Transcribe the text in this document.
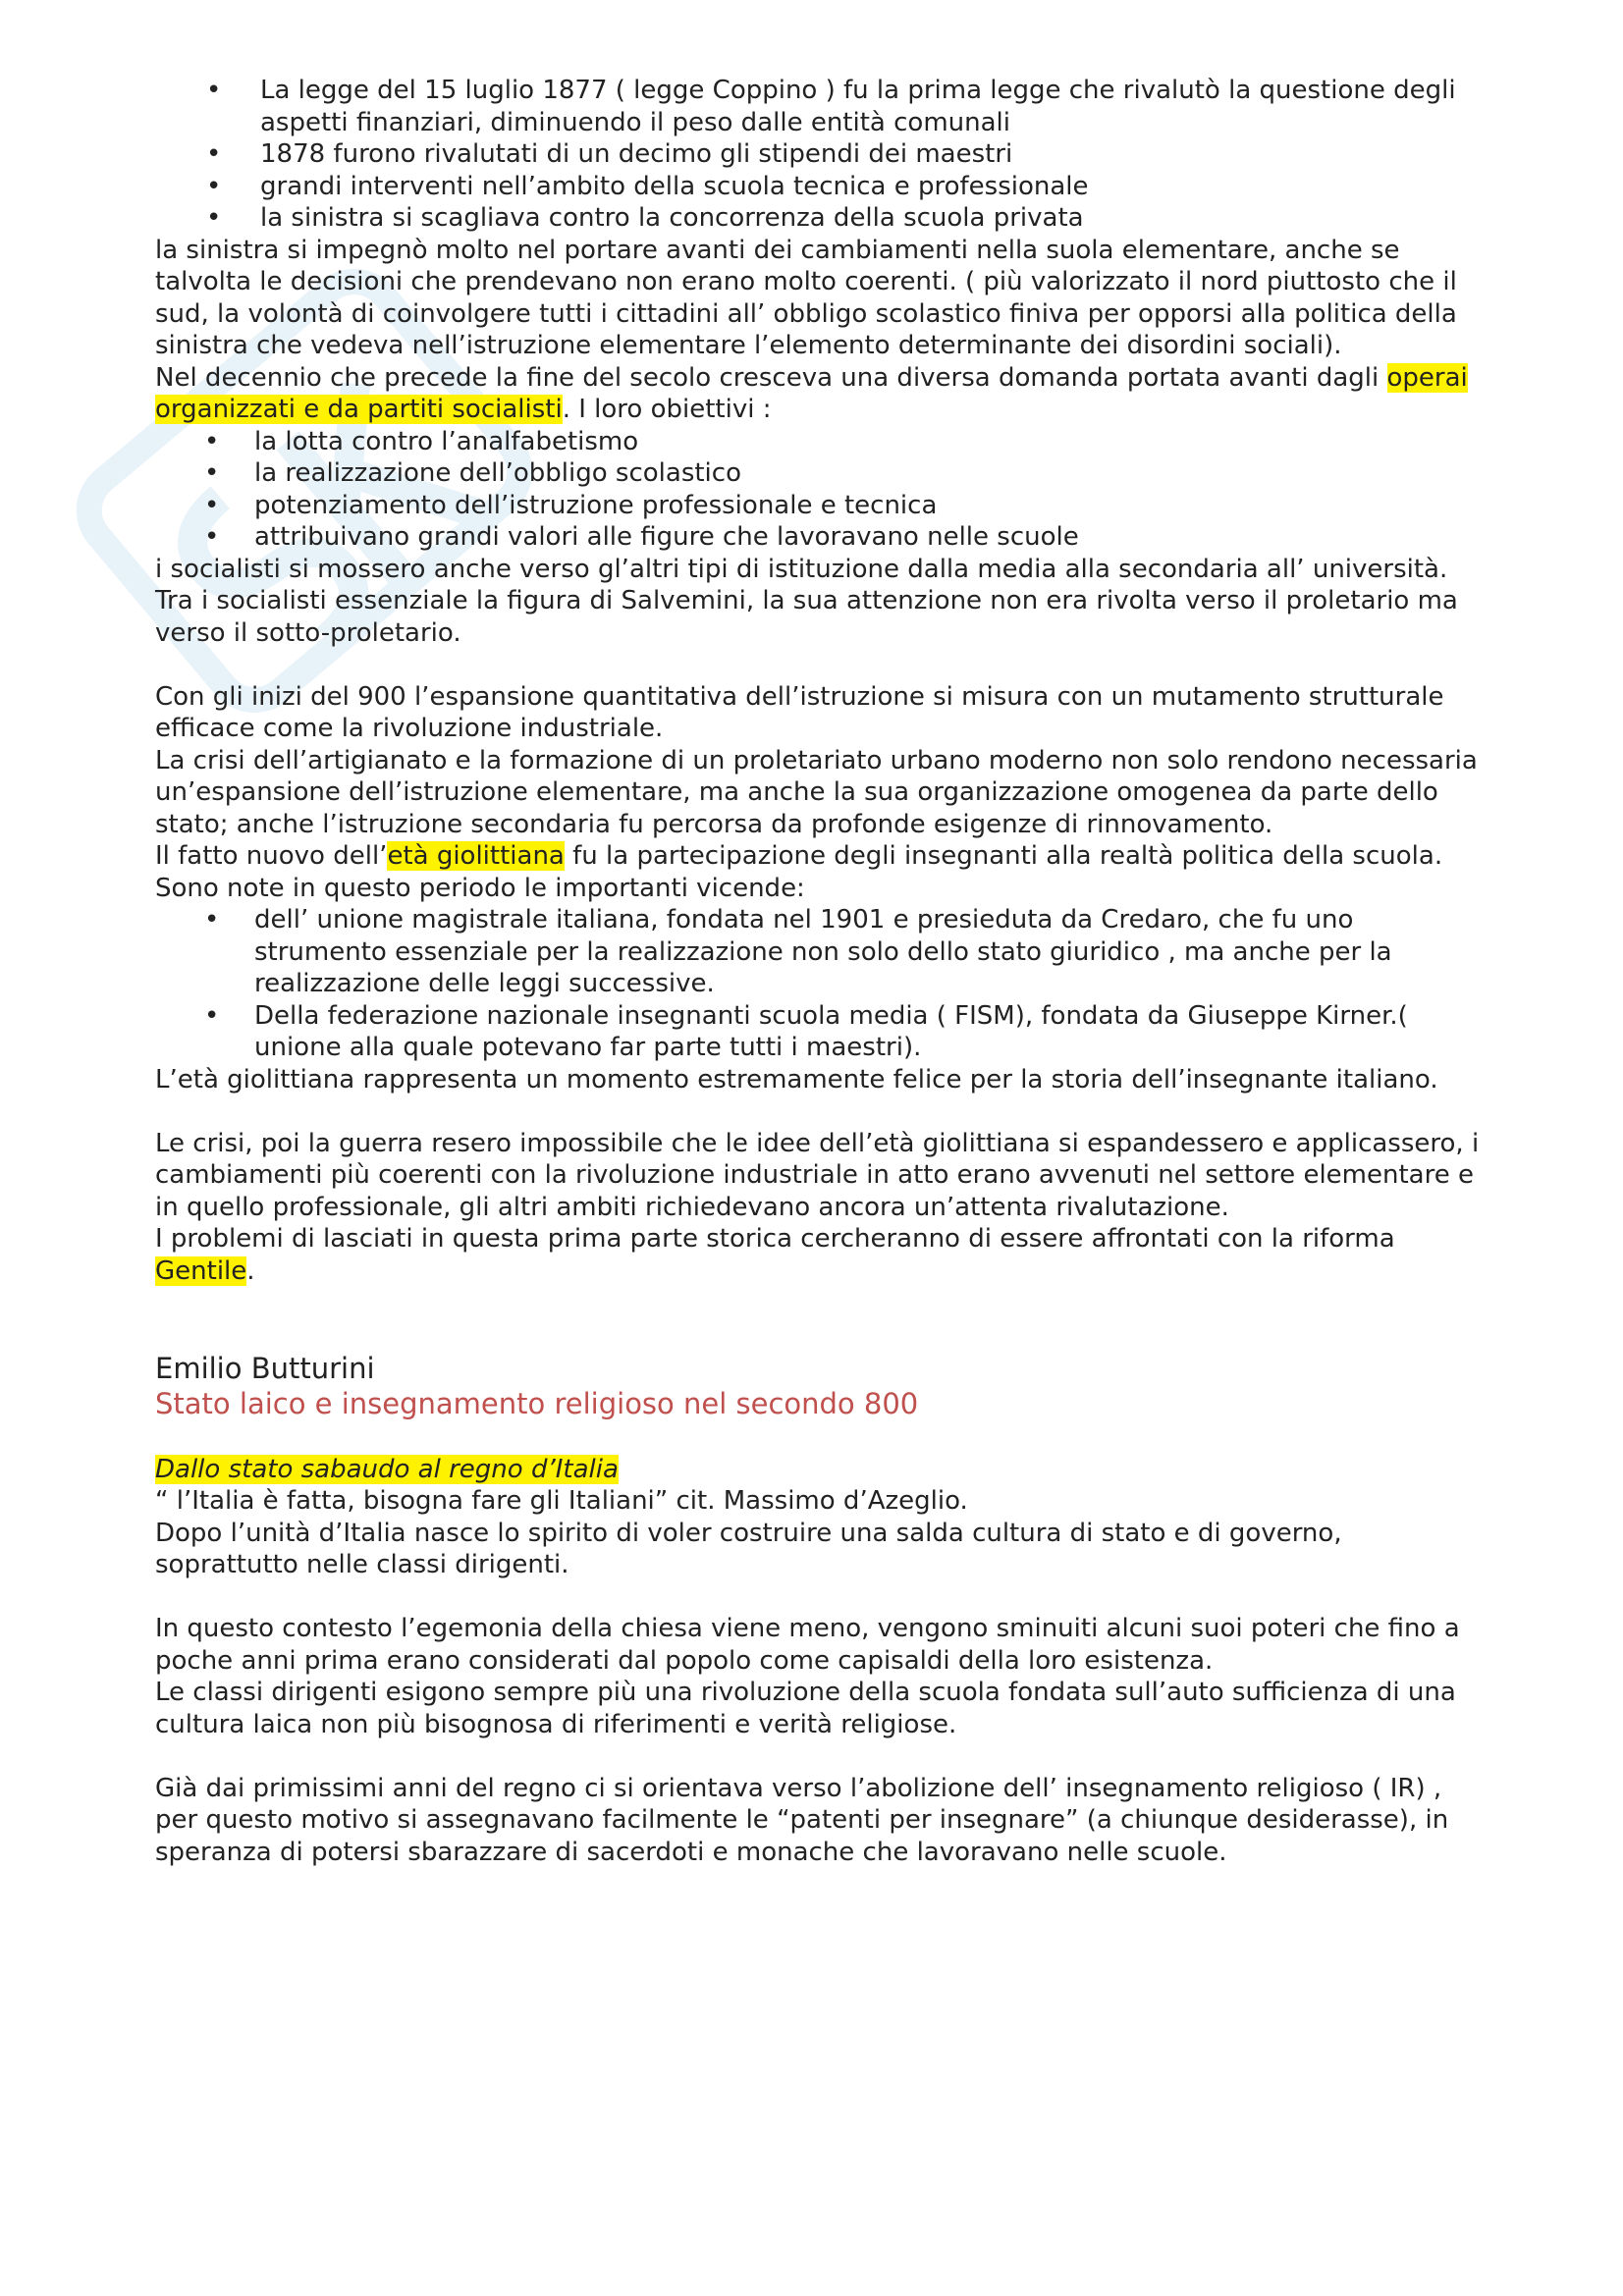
• La legge del 15 luglio 1877 ( legge Coppino ) fu la prima legge che rivalutò la questione degli aspetti finanziari, diminuendo il peso dalle entità comunali
• 1878 furono rivalutati di un decimo gli stipendi dei maestri
• grandi interventi nell’ambito della scuola tecnica e professionale
• la sinistra si scagliava contro la concorrenza della scuola privata

la sinistra si impegnò molto nel portare avanti dei cambiamenti nella suola elementare, anche se talvolta le decisioni che prendevano non erano molto coerenti. ( più valorizzato il nord piuttosto che il sud, la volontà di coinvolgere tutti i cittadini all’ obbligo scolastico finiva per opporsi alla politica della sinistra che vedeva nell’istruzione elementare l’elemento determinante dei disordini sociali).

Nel decennio che precede la fine del secolo cresceva una diversa domanda portata avanti dagli operai organizzati e da partiti socialisti. I loro obiettivi :

• la lotta contro l’analfabetismo
• la realizzazione dell’obbligo scolastico
• potenziamento dell’istruzione professionale e tecnica
• attribuivano grandi valori alle figure che lavoravano nelle scuole

i socialisti si mossero anche verso gl’altri tipi di istituzione dalla media alla secondaria all’ università.

Tra i socialisti essenziale la figura di Salvemini, la sua attenzione non era rivolta verso il proletario ma verso il sotto-proletario.

Con gli inizi del 900 l’espansione quantitativa dell’istruzione si misura con un mutamento strutturale efficace come la rivoluzione industriale.

La crisi dell’artigianato e la formazione di un proletariato urbano moderno non solo rendono necessaria un’espansione dell’istruzione elementare, ma anche la sua organizzazione omogenea da parte dello stato; anche l’istruzione secondaria fu percorsa da profonde esigenze di rinnovamento.

Il fatto nuovo dell’età giolittiana fu la partecipazione degli insegnanti alla realtà politica della scuola.

Sono note in questo periodo le importanti vicende:

• dell’ unione magistrale italiana, fondata nel 1901 e presieduta da Credaro, che fu uno strumento essenziale per la realizzazione non solo dello stato giuridico , ma anche per la realizzazione delle leggi successive.
• Della federazione nazionale insegnanti scuola media ( FISM), fondata da Giuseppe Kirner.( unione alla quale potevano far parte tutti i maestri).

L’età giolittiana rappresenta un momento estremamente felice per la storia dell’insegnante italiano.

Le crisi, poi la guerra resero impossibile che le idee dell’età giolittiana si espandessero e applicassero, i cambiamenti più coerenti con la rivoluzione industriale in atto erano avvenuti nel settore elementare e in quello professionale, gli altri ambiti richiedevano ancora un’attenta rivalutazione.

I problemi di lasciati in questa prima parte storica cercheranno di essere affrontati con la riforma Gentile.

Emilio Butturini

Stato laico e insegnamento religioso nel secondo 800

Dallo stato sabaudo al regno d’Italia

“ l’Italia è fatta, bisogna fare gli Italiani” cit. Massimo d’Azeglio.

Dopo l’unità d’Italia nasce lo spirito di voler costruire una salda cultura di stato e di governo, soprattutto nelle classi dirigenti.

In questo contesto l’egemonia della chiesa viene meno, vengono sminuiti alcuni suoi poteri che fino a poche anni prima erano considerati dal popolo come capisaldi della loro esistenza.

Le classi dirigenti esigono sempre più una rivoluzione della scuola fondata sull’auto sufficienza di una cultura laica non più bisognosa di riferimenti e verità religiose.

Già dai primissimi anni del regno ci si orientava verso l’abolizione dell’ insegnamento religioso ( IR) , per questo motivo si assegnavano facilmente le “patenti per insegnare” (a chiunque desiderasse), in speranza di potersi sbarazzare di sacerdoti e monache che lavoravano nelle scuole.
